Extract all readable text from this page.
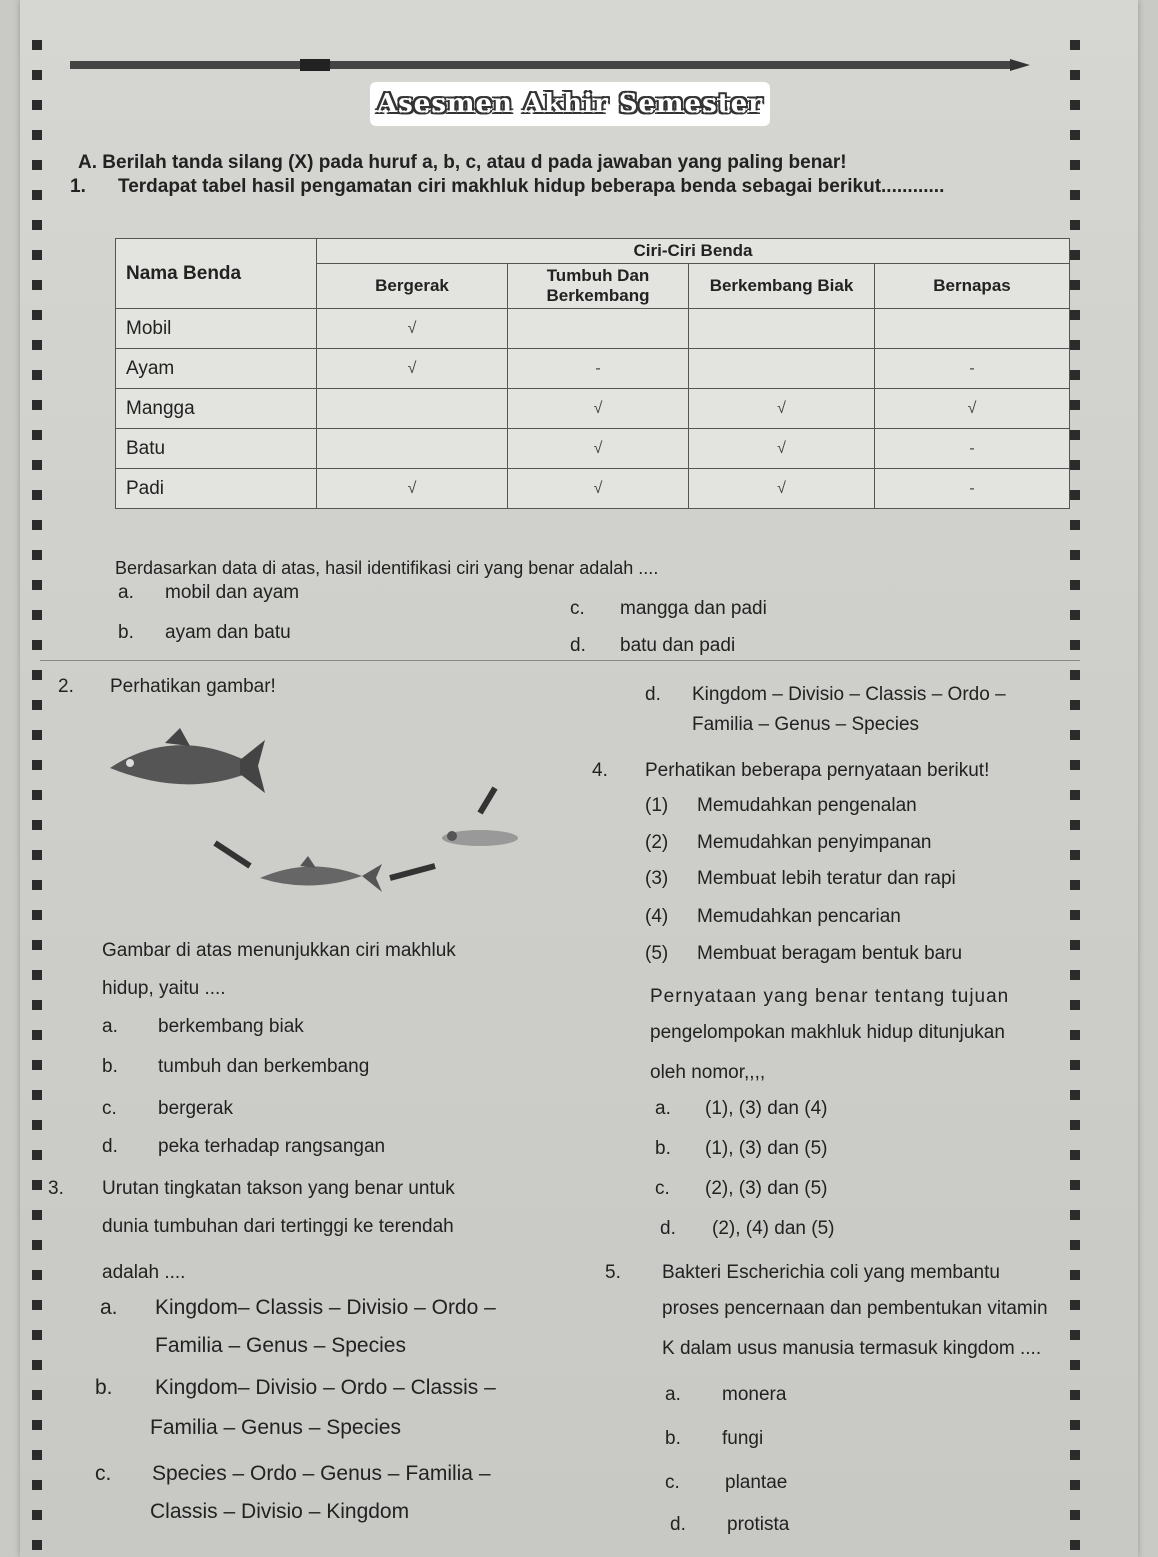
Asesmen Akhir Semester
A. Berilah tanda silang (X) pada huruf a, b, c, atau d pada jawaban yang paling benar!
1. Terdapat tabel hasil pengamatan ciri makhluk hidup beberapa benda sebagai berikut............
Nama Benda	Ciri-Ciri Benda			
	Bergerak	Tumbuh Dan Berkembang	Berkembang Biak	Bernapas
Mobil	√			
Ayam	√	-		-
Mangga		√	√	√
Batu		√	√	-
Padi	√	√	√	-
Berdasarkan data di atas, hasil identifikasi ciri yang benar adalah ....
a. mobil dan ayam
c. mangga dan padi
b. ayam dan batu
d. batu dan padi
2. Perhatikan gambar!
Gambar di atas menunjukkan ciri makhluk
hidup, yaitu ....
a. berkembang biak
b. tumbuh dan berkembang
c. bergerak
d. peka terhadap rangsangan
3. Urutan tingkatan takson yang benar untuk
dunia tumbuhan dari tertinggi ke terendah
adalah ....
a. Kingdom– Classis – Divisio – Ordo –
Familia – Genus – Species
b. Kingdom– Divisio – Ordo – Classis –
Familia – Genus – Species
c. Species – Ordo – Genus – Familia –
Classis – Divisio – Kingdom
d. Kingdom – Divisio – Classis – Ordo –
Familia – Genus – Species
4. Perhatikan beberapa pernyataan berikut!
(1) Memudahkan pengenalan
(2) Memudahkan penyimpanan
(3) Membuat lebih teratur dan rapi
(4) Memudahkan pencarian
(5) Membuat beragam bentuk baru
Pernyataan yang benar tentang tujuan
pengelompokan makhluk hidup ditunjukan
oleh nomor,,,,
a. (1), (3) dan (4)
b. (1), (3) dan (5)
c. (2), (3) dan (5)
d. (2), (4) dan (5)
5. Bakteri Escherichia coli yang membantu
proses pencernaan dan pembentukan vitamin
K dalam usus manusia termasuk kingdom ....
a. monera
b. fungi
c. plantae
d. protista
